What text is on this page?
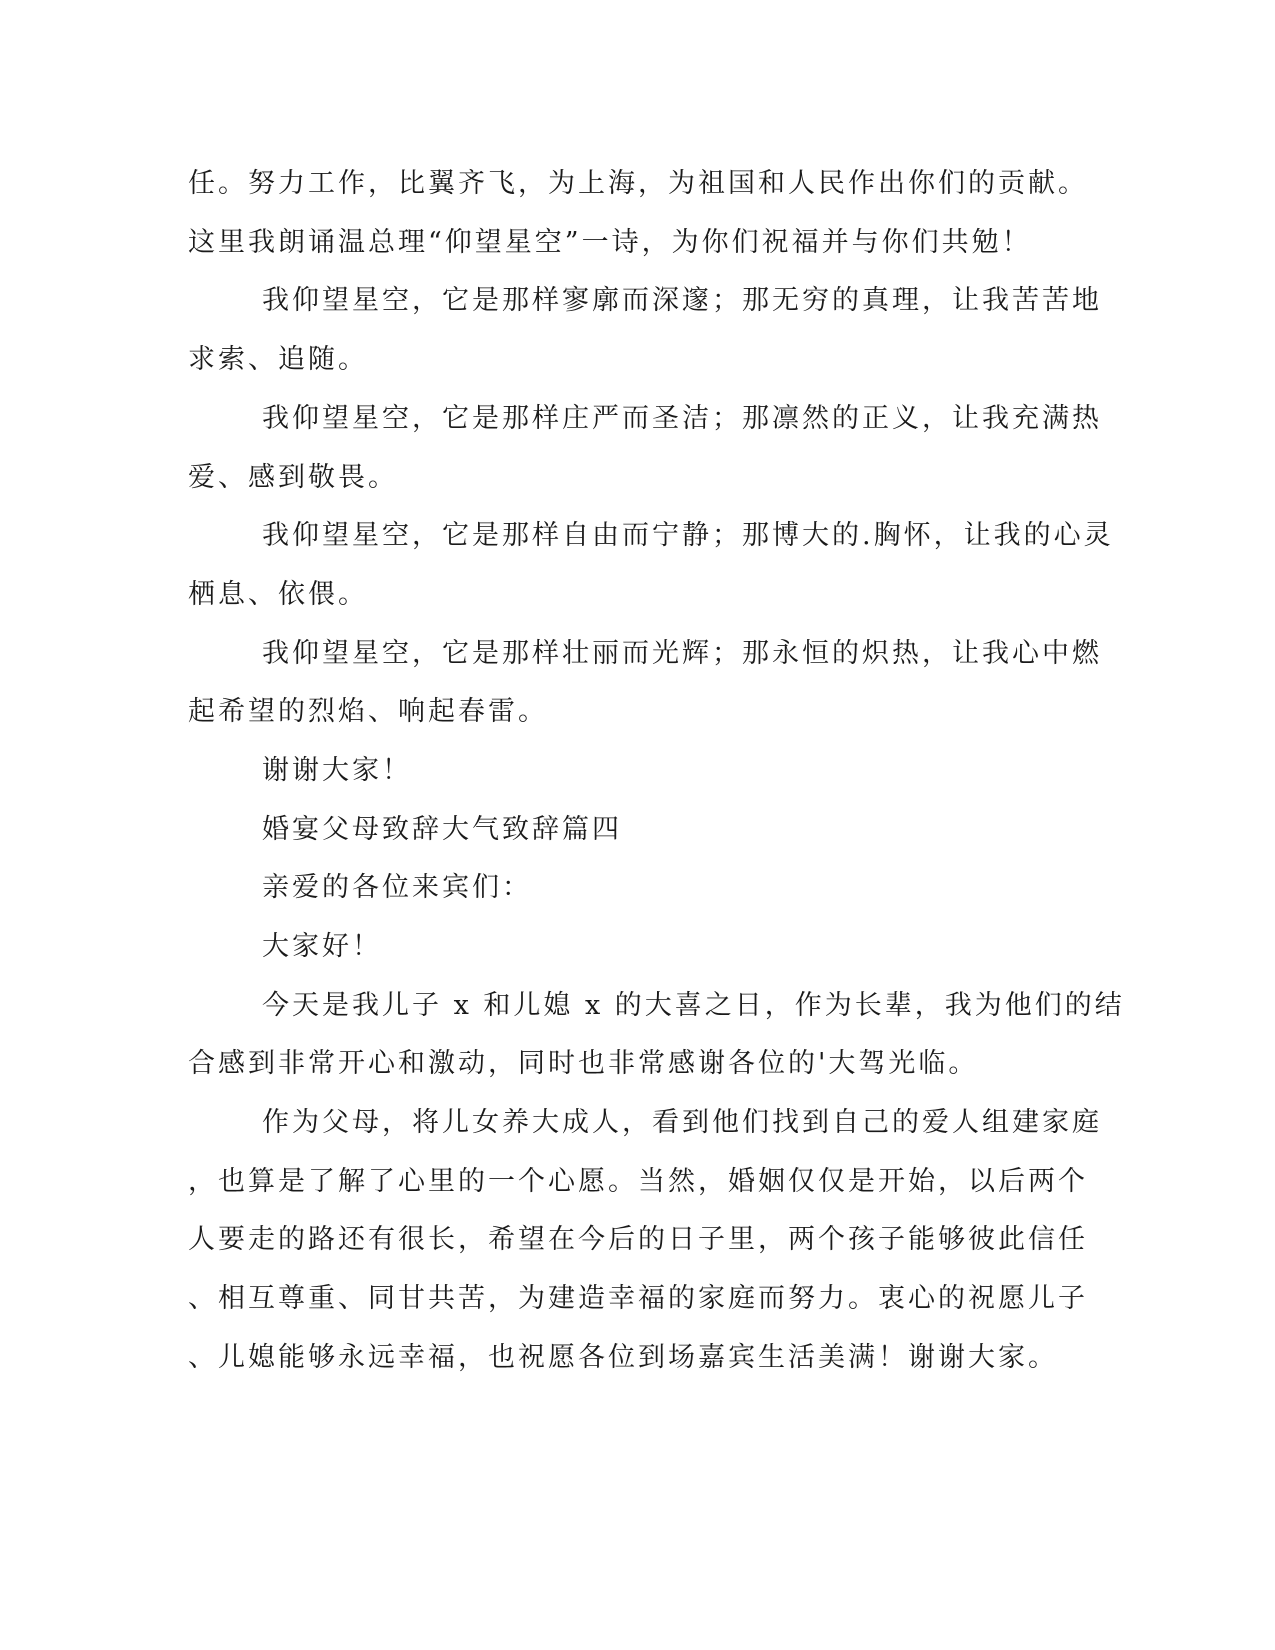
任。努力工作，比翼齐飞，为上海，为祖国和人民作出你们的贡献。
这里我朗诵温总理“仰望星空”一诗，为你们祝福并与你们共勉！
我仰望星空，它是那样寥廓而深邃；那无穷的真理，让我苦苦地
求索、追随。
我仰望星空，它是那样庄严而圣洁；那凛然的正义，让我充满热
爱、感到敬畏。
我仰望星空，它是那样自由而宁静；那博大的.胸怀，让我的心灵
栖息、依偎。
我仰望星空，它是那样壮丽而光辉；那永恒的炽热，让我心中燃
起希望的烈焰、响起春雷。
谢谢大家！
婚宴父母致辞大气致辞篇四
亲爱的各位来宾们：
大家好！
今天是我儿子 x 和儿媳 x 的大喜之日，作为长辈，我为他们的结
合感到非常开心和激动，同时也非常感谢各位的'大驾光临。
作为父母，将儿女养大成人，看到他们找到自己的爱人组建家庭
，也算是了解了心里的一个心愿。当然，婚姻仅仅是开始，以后两个
人要走的路还有很长，希望在今后的日子里，两个孩子能够彼此信任
、相互尊重、同甘共苦，为建造幸福的家庭而努力。衷心的祝愿儿子
、儿媳能够永远幸福，也祝愿各位到场嘉宾生活美满！谢谢大家。
